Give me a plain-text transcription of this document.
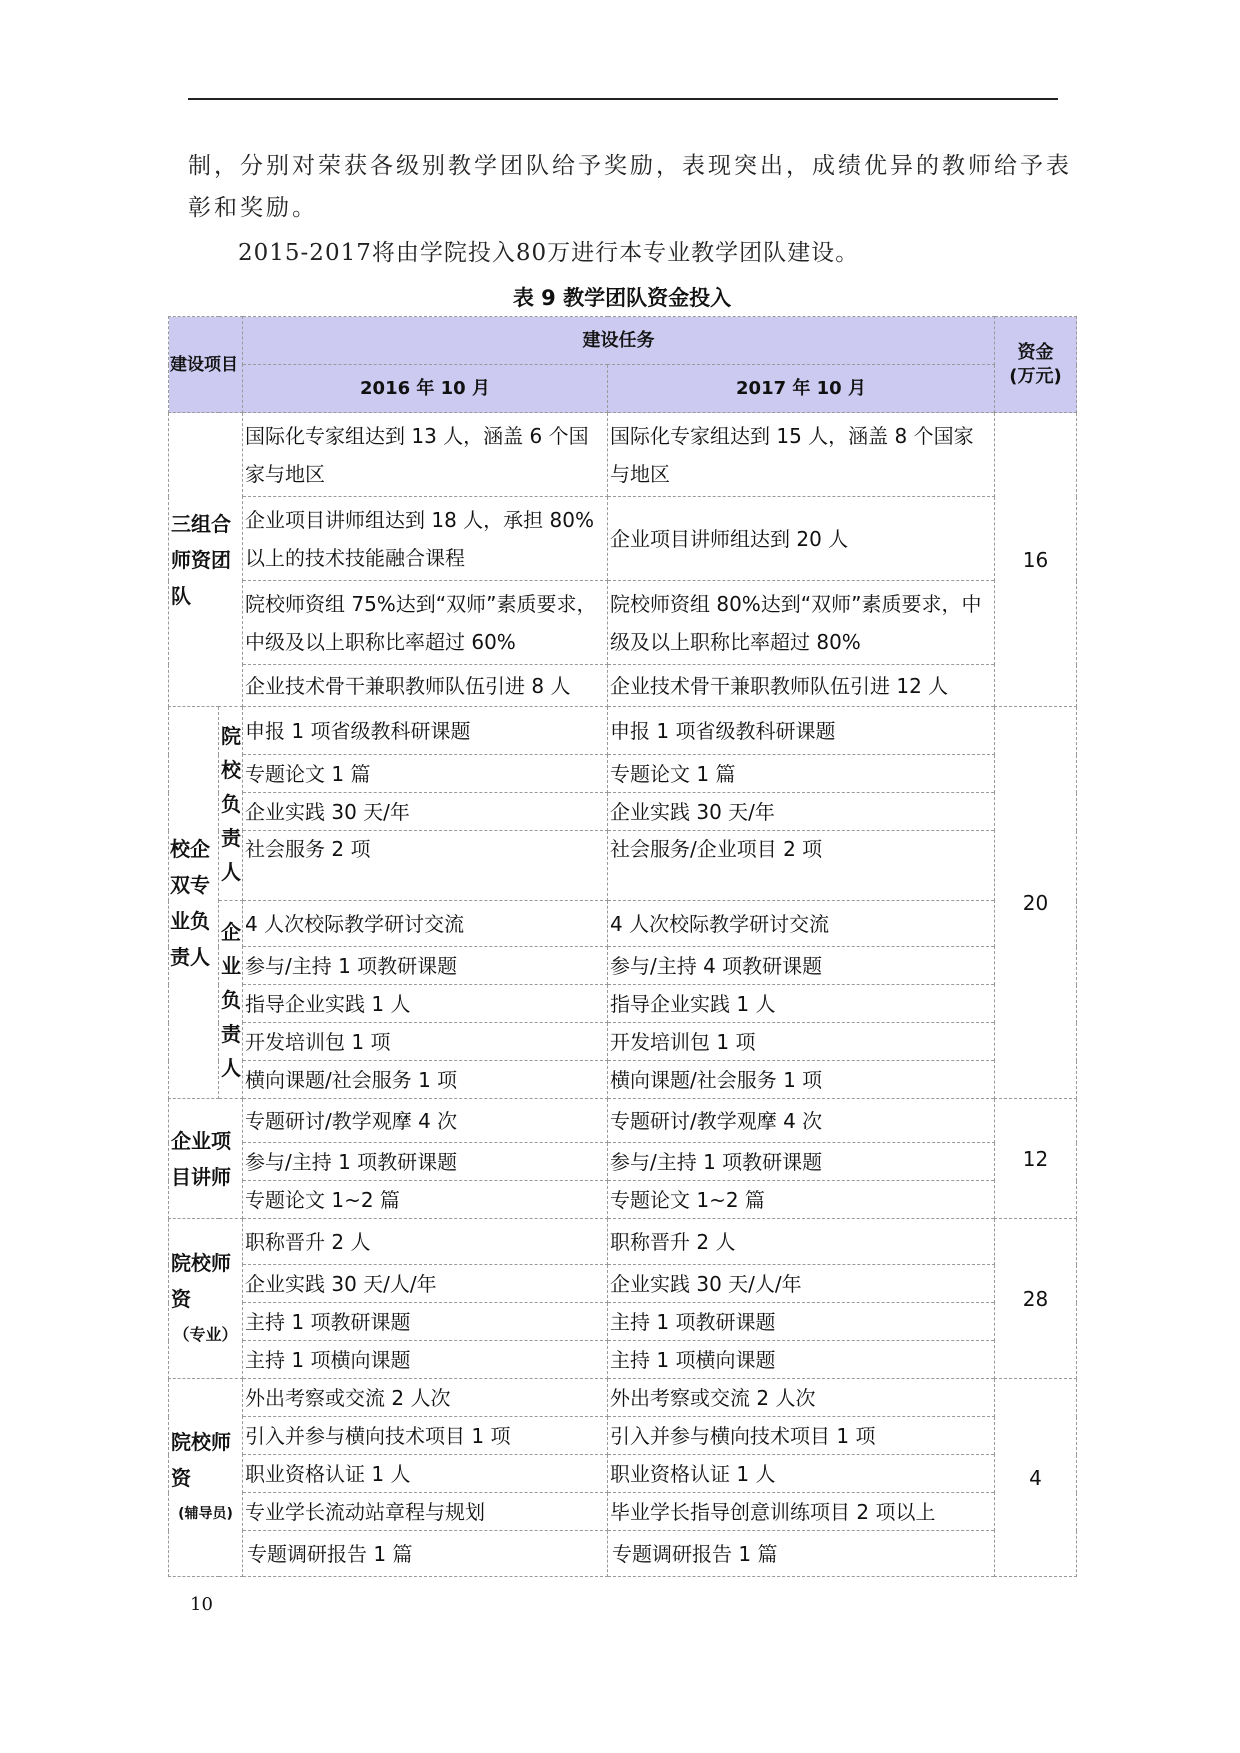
制，分别对荣获各级别教学团队给予奖励，表现突出，成绩优异的教师给予表
彰和奖励。
2015-2017将由学院投入80万进行本专业教学团队建设。
表 9 教学团队资金投入
建设项目		建设任务		资金
(万元)

		2016 年 10 月	2017 年 10 月	
三组合师资团队		国际化专家组达到 13 人，涵盖 6 个国家与地区	国际化专家组达到 15 人，涵盖 8 个国家与地区	16
		企业项目讲师组达到 18 人，承担 80%以上的技术技能融合课程	企业项目讲师组达到 20 人	
		院校师资组 75%达到“双师”素质要求，中级及以上职称比率超过 60%	院校师资组 80%达到“双师”素质要求，中级及以上职称比率超过 80%	
		企业技术骨干兼职教师队伍引进 8 人	企业技术骨干兼职教师队伍引进 12 人	
校企双专业负责人	院校负责人	申报 1 项省级教科研课题	申报 1 项省级教科研课题	20
		专题论文 1 篇	专题论文 1 篇	
		企业实践 30 天/年	企业实践 30 天/年	
		社会服务 2 项	社会服务/企业项目 2 项	
	企业负责人	4 人次校际教学研讨交流	4 人次校际教学研讨交流	
		参与/主持 1 项教研课题	参与/主持 4 项教研课题	
		指导企业实践 1 人	指导企业实践 1 人	
		开发培训包 1 项	开发培训包 1 项	
		横向课题/社会服务 1 项	横向课题/社会服务 1 项	
企业项目讲师		专题研讨/教学观摩 4 次	专题研讨/教学观摩 4 次	12
		参与/主持 1 项教研课题	参与/主持 1 项教研课题	
		专题论文 1~2 篇	专题论文 1~2 篇	
院校师资
（专业）		职称晋升 2 人	职称晋升 2 人	28
		企业实践 30 天/人/年	企业实践 30 天/人/年	
		主持 1 项教研课题	主持 1 项教研课题	
		主持 1 项横向课题	主持 1 项横向课题	
院校师资
(辅导员)		外出考察或交流 2 人次	外出考察或交流 2 人次	4
		引入并参与横向技术项目 1 项	引入并参与横向技术项目 1 项	
		职业资格认证 1 人	职业资格认证 1 人	
		专业学长流动站章程与规划	毕业学长指导创意训练项目 2 项以上	
		专题调研报告 1 篇	专题调研报告 1 篇	
10
